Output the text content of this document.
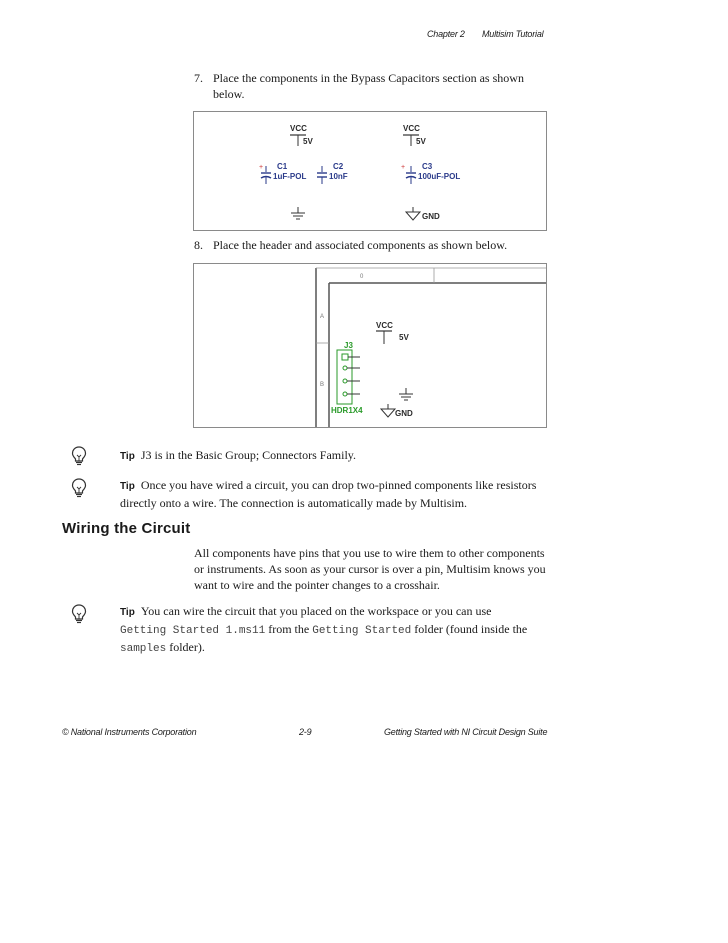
Chapter 2 Multisim Tutorial
7. Place the components in the Bypass Capacitors section as shown below.
VCC
5V
VCC
5V
+ C1
1uF-POL
C2
10nF
+ C3
100uF-POL
GND
8. Place the header and associated components as shown below.
0
A
B
VCC
5V
J3
HDR1X4	GND
Tip J3 is in the Basic Group; Connectors Family.
Tip Once you have wired a circuit, you can drop two-pinned components like resistors directly onto a wire. The connection is automatically made by Multisim.
Wiring the Circuit
All components have pins that you use to wire them to other components or instruments. As soon as your cursor is over a pin, Multisim knows you want to wire and the pointer changes to a crosshair.
Tip You can wire the circuit that you placed on the workspace or you can use Getting Started 1.ms11 from the Getting Started folder (found inside the samples folder).
© National Instruments Corporation	2-9	Getting Started with NI Circuit Design Suite
